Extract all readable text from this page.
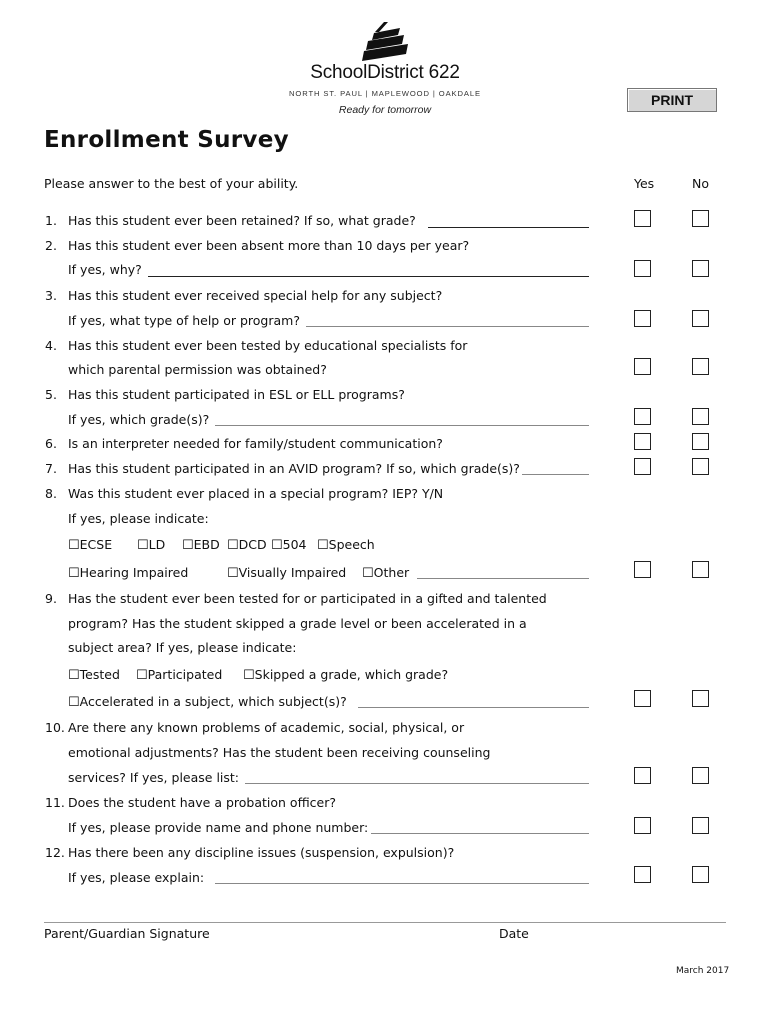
SchoolDistrict 622
NORTH ST. PAUL | MAPLEWOOD | OAKDALE
Ready for tomorrow
PRINT
Enrollment Survey
Please answer to the best of your ability.	Yes	No
1. Has this student ever been retained? If so, what grade?
2. Has this student ever been absent more than 10 days per year?
If yes, why?
3. Has this student ever received special help for any subject?
If yes, what type of help or program?
4. Has this student ever been tested by educational specialists for
which parental permission was obtained?
5. Has this student participated in ESL or ELL programs?
If yes, which grade(s)?
6. Is an interpreter needed for family/student communication?
7. Has this student participated in an AVID program? If so, which grade(s)?
8. Was this student ever placed in a special program? IEP? Y/N
If yes, please indicate:
☐ECSE ☐LD ☐EBD ☐DCD ☐504 ☐Speech
☐Hearing Impaired	☐Visually Impaired ☐Other
9. Has the student ever been tested for or participated in a gifted and talented
program? Has the student skipped a grade level or been accelerated in a
subject area? If yes, please indicate:
☐Tested ☐Participated ☐Skipped a grade, which grade?
☐Accelerated in a subject, which subject(s)?
10. Are there any known problems of academic, social, physical, or
emotional adjustments? Has the student been receiving counseling
services? If yes, please list:
11. Does the student have a probation officer?
If yes, please provide name and phone number:
12. Has there been any discipline issues (suspension, expulsion)?
If yes, please explain:
Parent/Guardian Signature	Date
March 2017
